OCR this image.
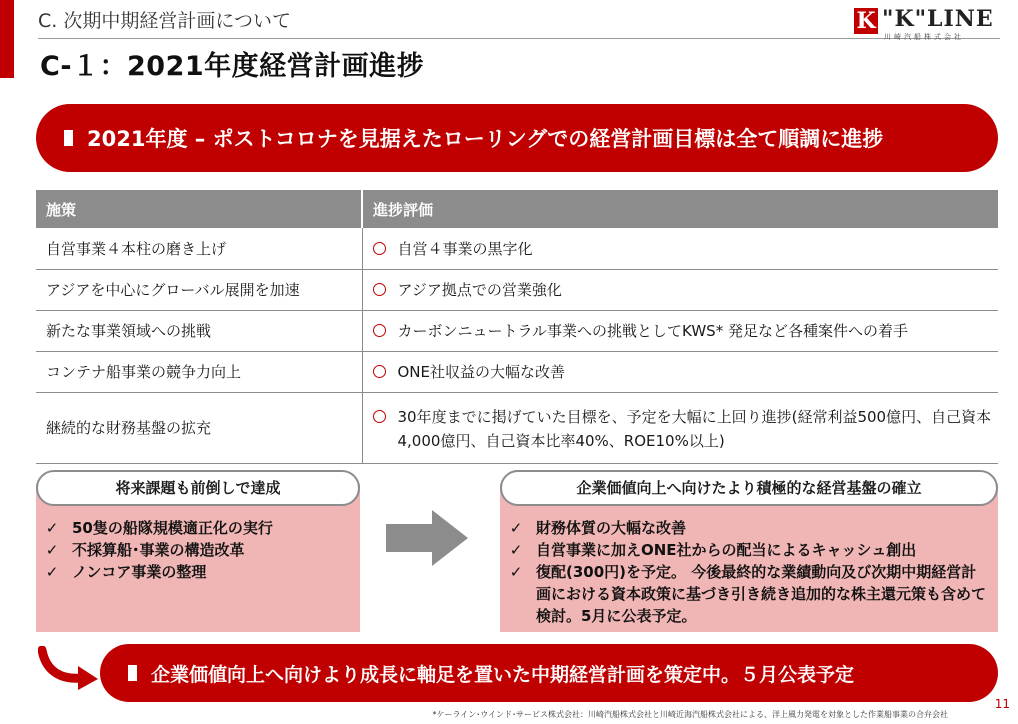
C. 次期中期経営計画について
C‐１：2021年度経営計画進捗
K "K"LINE
川崎汽船株式会社
2021年度 – ポストコロナを見据えたローリングでの経営計画目標は全て順調に進捗
施策	進捗評価
自営事業４本柱の磨き上げ	自営４事業の黒字化
アジアを中心にグローバル展開を加速	アジア拠点での営業強化
新たな事業領域への挑戦	カーボンニュートラル事業への挑戦としてKWS* 発足など各種案件への着手
コンテナ船事業の競争力向上	ONE社収益の大幅な改善
継続的な財務基盤の拡充	30年度までに掲げていた目標を、予定を大幅に上回り進捗(経常利益500億円、自己資本4,000億円、自己資本比率40%、ROE10%以上)
将来課題も前倒しで達成	企業価値向上へ向けたより積極的な経営基盤の確立
✓ 50隻の船隊規模適正化の実行
✓ 不採算船･事業の構造改革
✓ ノンコア事業の整理
✓ 財務体質の大幅な改善
✓ 自営事業に加えONE社からの配当によるキャッシュ創出
✓ 復配(300円)を予定。 今後最終的な業績動向及び次期中期経営計画における資本政策に基づき引き続き追加的な株主還元策も含めて検討。5月に公表予定。
企業価値向上へ向けより成長に軸足を置いた中期経営計画を策定中。５月公表予定
*ケーライン･ウインド･サービス株式会社：川崎汽船株式会社と川崎近海汽船株式会社による、洋上風力発電を対象とした作業船事業の合弁会社
11
